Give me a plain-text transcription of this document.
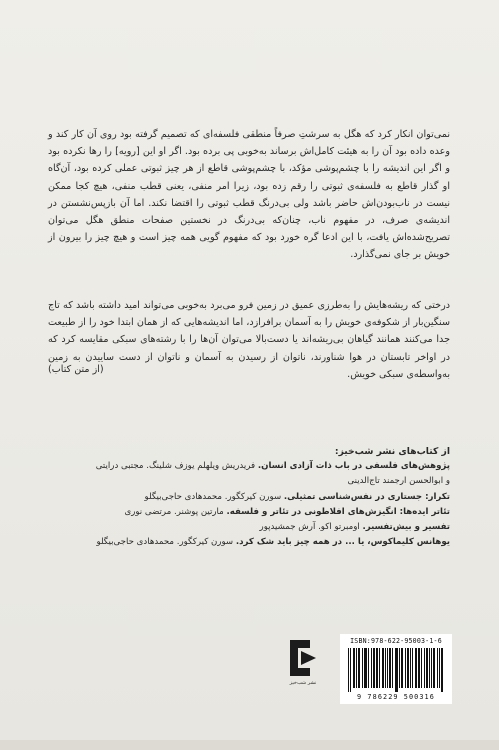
نمی‌توان انکار کرد که هگل به سرشتِ صرفاً منطقی فلسفه‌ای که تصمیم گرفته بود روی آن کار کند و وعده داده بود آن را به هیئت کامل‌اش برساند به‌خوبی پی برده بود. اگر او این [رویه] را رها نکرده بود و اگر این اندیشه را با چشم‌پوشی مؤکد، با چشم‌پوشی قاطع از هر چیز ثبوتی عملی کرده بود، آن‌گاه او گذار قاطع به فلسفه‌ی ثبوتی را رقم زده بود، زیرا امر منفی، یعنی قطب منفی، هیچ کجا ممکن نیست در ناب‌بودن‌اش حاضر باشد ولی بی‌درنگ قطب ثبوتی را اقتضا نکند. اما آن بازپس‌نشستن در اندیشه‌ی صرف، در مفهوم ناب، چنان‌که بی‌درنگ در نخستین صفحات منطق هگل می‌توان تصریح‌شده‌اش یافت، با این ادعا گره خورد بود که مفهوم گویی همه چیز است و هیچ چیز را بیرون از خویش بر جای نمی‌گذارد.

درختی که ریشه‌هایش را به‌طرزی عمیق در زمین فرو می‌برد به‌خوبی می‌تواند امید داشته باشد که تاج سنگین‌بار از شکوفه‌ی خویش را به آسمان برافرازد، اما اندیشه‌هایی که از همان ابتدا خود را از طبیعت جدا می‌کنند همانند گیاهان بی‌ریشه‌اند یا دست‌بالا می‌توان آن‌ها را با رشته‌های سبکی مقایسه کرد که در اواخر تابستان در هوا شناورند، ناتوان از رسیدن به آسمان و ناتوان از دست ساییدن به زمین به‌واسطه‌ی سبکی خویش.

(از متن کتاب)
از کتاب‌های نشر شب‌خیز:
پژوهش‌های فلسفی در باب ذات آزادی انسان. فریدریش ویلهلم یوزف شلینگ. مجتبی درایتی
و ابوالحسن ارجمند تاج‌الدینی
تکرار: جستاری در نفس‌شناسی تمثیلی. سورن کیرکگور. محمدهادی حاجی‌بیگلو
تئاتر ایده‌ها: انگیزش‌های افلاطونی در تئاتر و فلسفه. مارتین پوشنر. مرتضی نوری
تفسیر و بیش‌تفسیر. اومبرتو اکو. آرش جمشیدپور
یوهانس کلیماکوس، یا ... در همه چیز باید شک کرد. سورن کیرکگور. محمدهادی حاجی‌بیگلو
نشر شب‌خیز
ISBN:978-622-95003-1-6
9 786229 500316
